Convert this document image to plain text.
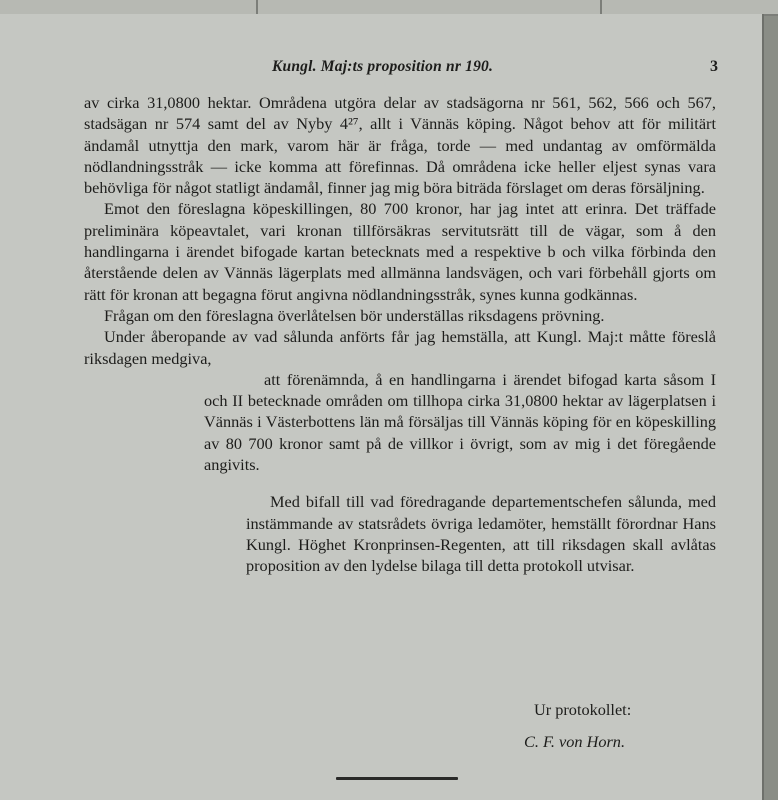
Kungl. Maj:ts proposition nr 190.	3

av cirka 31,0800 hektar. Områdena utgöra delar av stadsägorna nr 561, 562, 566 och 567, stadsägan nr 574 samt del av Nyby 4²⁷, allt i Vännäs köping. Något behov att för militärt ändamål utnyttja den mark, varom här är fråga, torde — med undantag av omförmälda nödlandningsstråk — icke komma att förefinnas. Då områdena icke heller eljest synas vara behövliga för något statligt ändamål, finner jag mig böra biträda förslaget om deras försäljning.

Emot den föreslagna köpeskillingen, 80 700 kronor, har jag intet att erinra. Det träffade preliminära köpeavtalet, vari kronan tillförsäkras servitutsrätt till de vägar, som å den handlingarna i ärendet bifogade kartan betecknats med a respektive b och vilka förbinda den återstående delen av Vännäs lägerplats med allmänna landsvägen, och vari förbehåll gjorts om rätt för kronan att begagna förut angivna nödlandningsstråk, synes kunna godkännas.

Frågan om den föreslagna överlåtelsen bör underställas riksdagens prövning.

Under åberopande av vad sålunda anförts får jag hemställa, att Kungl. Maj:t måtte föreslå riksdagen medgiva,

att förenämnda, å en handlingarna i ärendet bifogad karta såsom I och II betecknade områden om tillhopa cirka 31,0800 hektar av lägerplatsen i Vännäs i Västerbottens län må försäljas till Vännäs köping för en köpeskilling av 80 700 kronor samt på de villkor i övrigt, som av mig i det föregående angivits.

Med bifall till vad föredragande departementschefen sålunda, med instämmande av statsrådets övriga ledamöter, hemställt förordnar Hans Kungl. Höghet Kronprinsen-Regenten, att till riksdagen skall avlåtas proposition av den lydelse bilaga till detta protokoll utvisar.

Ur protokollet:
C. F. von Horn.
